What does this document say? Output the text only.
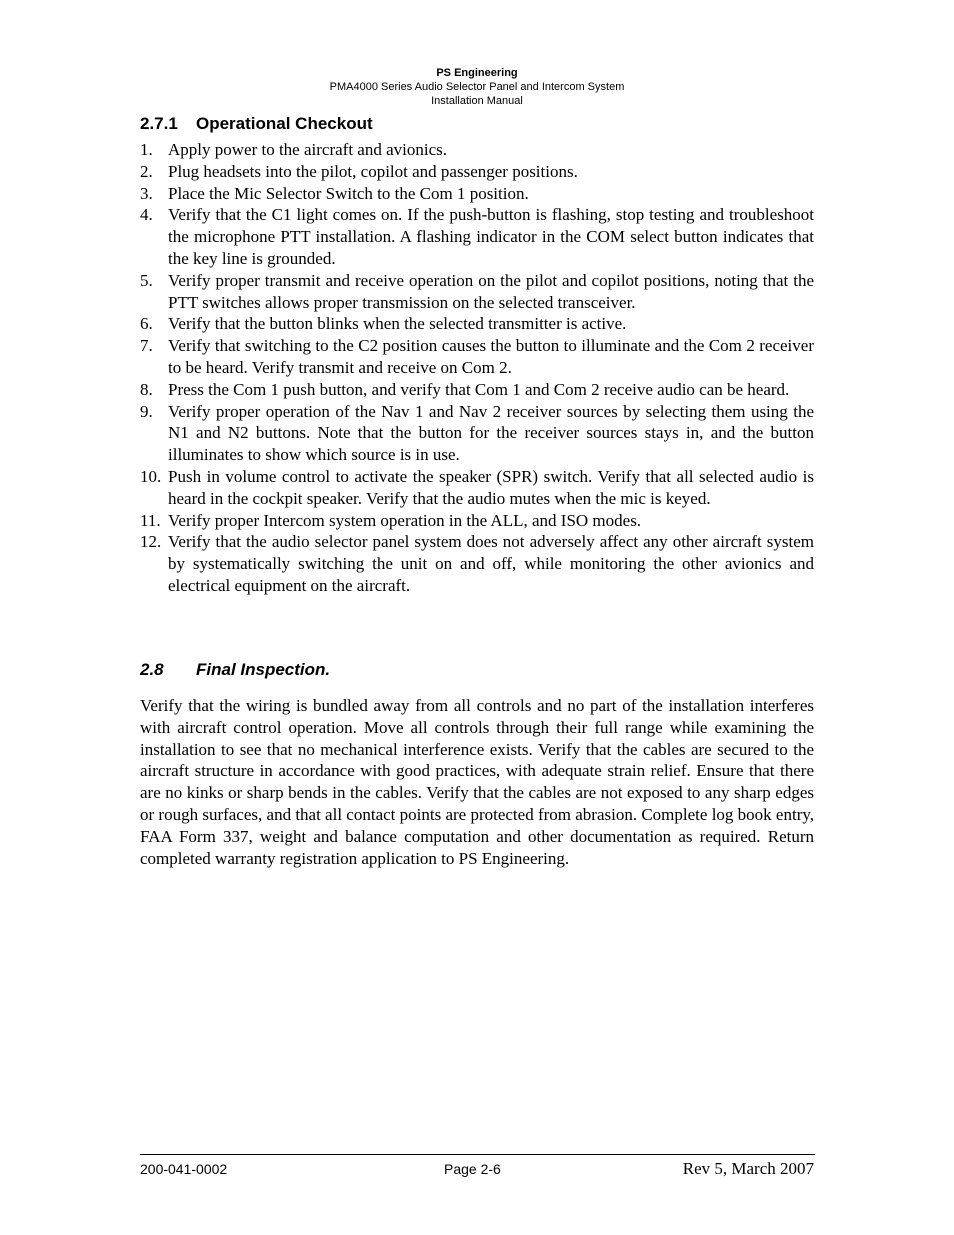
PS Engineering
PMA4000 Series Audio Selector Panel and Intercom System
Installation Manual
2.7.1 Operational Checkout
1. Apply power to the aircraft and avionics.
2. Plug headsets into the pilot, copilot and passenger positions.
3. Place the Mic Selector Switch to the Com 1 position.
4. Verify that the C1 light comes on. If the push-button is flashing, stop testing and troubleshoot the microphone PTT installation. A flashing indicator in the COM select button indicates that the key line is grounded.
5. Verify proper transmit and receive operation on the pilot and copilot positions, noting that the PTT switches allows proper transmission on the selected transceiver.
6. Verify that the button blinks when the selected transmitter is active.
7. Verify that switching to the C2 position causes the button to illuminate and the Com 2 receiver to be heard. Verify transmit and receive on Com 2.
8. Press the Com 1 push button, and verify that Com 1 and Com 2 receive audio can be heard.
9. Verify proper operation of the Nav 1 and Nav 2 receiver sources by selecting them using the N1 and N2 buttons. Note that the button for the receiver sources stays in, and the button illuminates to show which source is in use.
10. Push in volume control to activate the speaker (SPR) switch. Verify that all selected audio is heard in the cockpit speaker. Verify that the audio mutes when the mic is keyed.
11. Verify proper Intercom system operation in the ALL, and ISO modes.
12. Verify that the audio selector panel system does not adversely affect any other aircraft system by systematically switching the unit on and off, while monitoring the other avionics and electrical equipment on the aircraft.
2.8 Final Inspection.

Verify that the wiring is bundled away from all controls and no part of the installation interferes with aircraft control operation. Move all controls through their full range while examining the installation to see that no mechanical interference exists. Verify that the cables are secured to the aircraft structure in accordance with good practices, with adequate strain relief. Ensure that there are no kinks or sharp bends in the cables. Verify that the cables are not exposed to any sharp edges or rough surfaces, and that all contact points are protected from abrasion. Complete log book entry, FAA Form 337, weight and balance computation and other documentation as required. Return completed warranty registration application to PS Engineering.

200-041-0002	Page 2-6	Rev 5, March 2007
